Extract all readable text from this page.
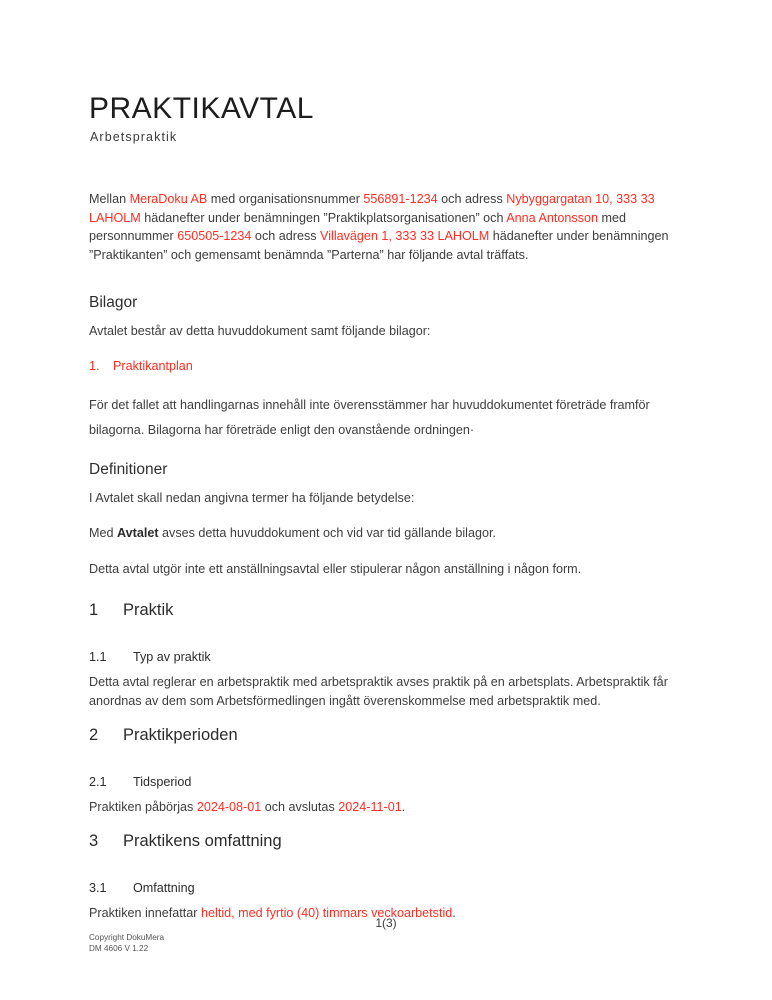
PRAKTIKAVTAL
Arbetspraktik
Mellan MeraDoku AB med organisationsnummer 556891-1234 och adress Nybyggargatan 10, 333 33 LAHOLM hädanefter under benämningen ”Praktikplatsorganisationen” och Anna Antonsson med personnummer 650505-1234 och adress Villavägen 1, 333 33 LAHOLM hädanefter under benämningen ”Praktikanten” och gemensamt benämnda ”Parterna” har följande avtal träffats.
Bilagor
Avtalet består av detta huvuddokument samt följande bilagor:
1.	Praktikantplan
För det fallet att handlingarnas innehåll inte överensstämmer har huvuddokumentet företräde framför bilagorna. Bilagorna har företräde enligt den ovanstående ordningen·
Definitioner
I Avtalet skall nedan angivna termer ha följande betydelse:
Med Avtalet avses detta huvuddokument och vid var tid gällande bilagor.
Detta avtal utgör inte ett anställningsavtal eller stipulerar någon anställning i någon form.
1	Praktik
1.1	Typ av praktik
Detta avtal reglerar en arbetspraktik med arbetspraktik avses praktik på en arbetsplats. Arbetspraktik får anordnas av dem som Arbetsförmedlingen ingått överenskommelse med arbetspraktik med.
2	Praktikperioden
2.1	Tidsperiod
Praktiken påbörjas 2024-08-01 och avslutas 2024-11-01.
3	Praktikens omfattning
3.1	Omfattning
Praktiken innefattar heltid, med fyrtio (40) timmars veckoarbetstid.
1(3)
Copyright DokuMera
DM 4606 V 1.22
